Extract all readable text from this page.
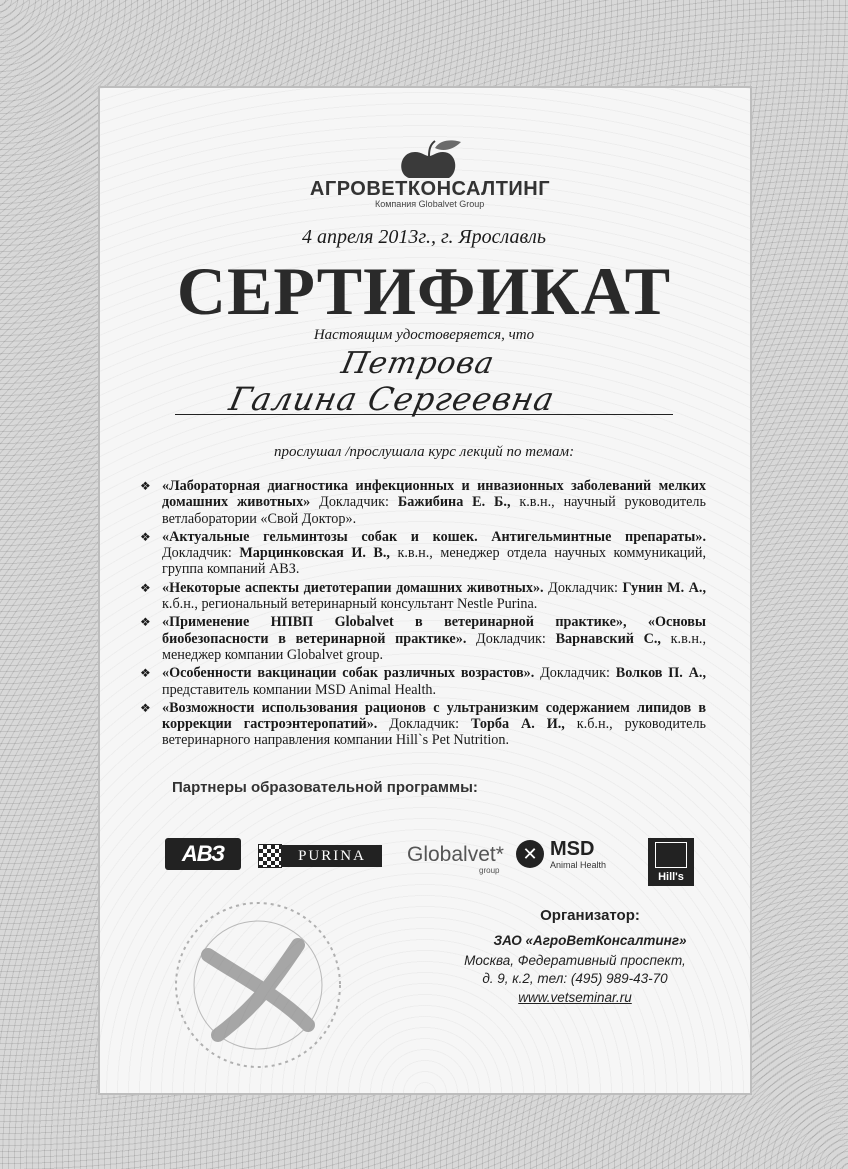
АГРОВЕТКОНСАЛТИНГ
Компания Globalvet Group
4 апреля 2013г., г. Ярославль
СЕРТИФИКАТ
Настоящим удостоверяется, что
Петрова
Галина Сергеевна
прослушал /прослушала курс лекций по темам:
❖ «Лабораторная диагностика инфекционных и инвазионных заболеваний мелких домашних животных» Докладчик: Бажибина Е. Б., к.в.н., научный руководитель ветлаборатории «Свой Доктор».
❖ «Актуальные гельминтозы собак и кошек. Антигельминтные препараты». Докладчик: Марцинковская И. В., к.в.н., менеджер отдела научных коммуникаций, группа компаний АВЗ.
❖ «Некоторые аспекты диетотерапии домашних животных». Докладчик: Гунин М. А., к.б.н., региональный ветеринарный консультант Nestle Purina.
❖ «Применение НПВП Globalvet в ветеринарной практике», «Основы биобезопасности в ветеринарной практике». Докладчик: Варнавский С., к.в.н., менеджер компании Globalvet group.
❖ «Особенности вакцинации собак различных возрастов». Докладчик: Волков П. А., представитель компании MSD Animal Health.
❖ «Возможности использования рационов с ультранизким содержанием липидов в коррекции гастроэнтеропатий». Докладчик: Торба А. И., к.б.н., руководитель ветеринарного направления компании Hill`s Pet Nutrition.
Партнеры образовательной программы:
АВЗ	PURINA	Globalvet*
group
✕ MSD
Animal Health
Hill's
Организатор:
ЗАО «АгроВетКонсалтинг»
Москва, Федеративный проспект,
д. 9, к.2, тел: (495) 989-43-70
www.vetseminar.ru
